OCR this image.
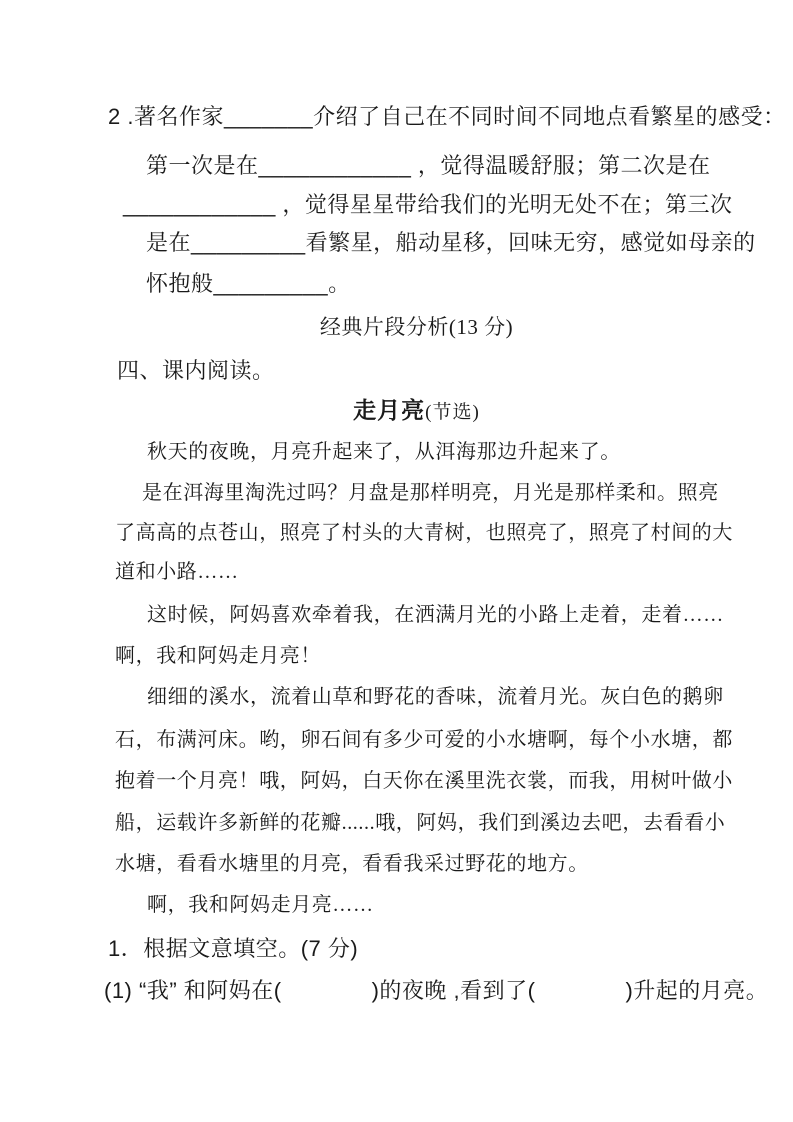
2 .著名作家_______介绍了自己在不同时间不同地点看繁星的感受：
第一次是在____________ ，觉得温暖舒服；第二次是在
____________ ，觉得星星带给我们的光明无处不在；第三次
是在_________看繁星，船动星移，回味无穷，感觉如母亲的
怀抱般_________。
经典片段分析(13 分)
四、课内阅读。
走月亮(节选)
秋天的夜晚，月亮升起来了，从洱海那边升起来了。
是在洱海里淘洗过吗？月盘是那样明亮，月光是那样柔和。照亮
了高高的点苍山，照亮了村头的大青树，也照亮了，照亮了村间的大
道和小路……
这时候，阿妈喜欢牵着我，在洒满月光的小路上走着，走着……
啊，我和阿妈走月亮！
细细的溪水，流着山草和野花的香味，流着月光。灰白色的鹅卵
石，布满河床。哟，卵石间有多少可爱的小水塘啊，每个小水塘，都
抱着一个月亮！哦，阿妈，白天你在溪里洗衣裳，而我，用树叶做小
船，运载许多新鲜的花瓣......哦，阿妈，我们到溪边去吧，去看看小
水塘，看看水塘里的月亮，看看我采过野花的地方。
啊，我和阿妈走月亮……
1．根据文意填空。(7 分)
(1) “我” 和阿妈在(　　　　)的夜晚 ,看到了(　　　　)升起的月亮。
